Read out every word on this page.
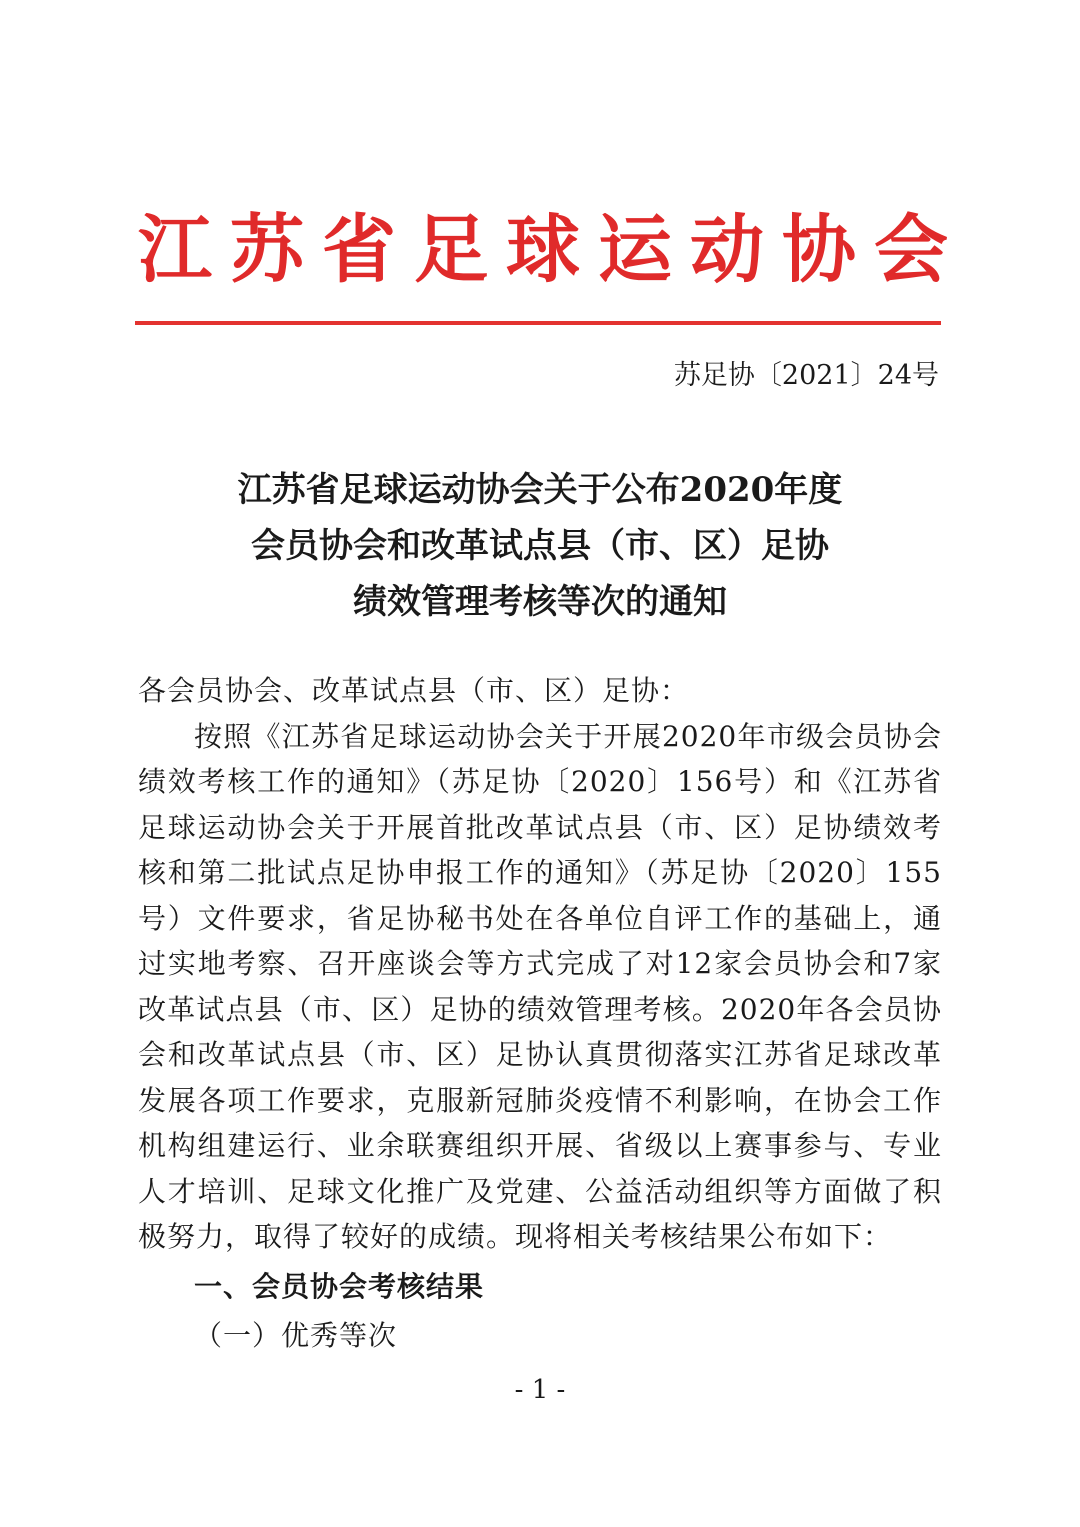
江苏省足球运动协会
苏足协〔2021〕24号
江苏省足球运动协会关于公布2020年度
会员协会和改革试点县（市、区）足协
绩效管理考核等次的通知
各会员协会、改革试点县（市、区）足协：

按照《江苏省足球运动协会关于开展2020年市级会员协会绩效考核工作的通知》（苏足协〔2020〕156号）和《江苏省足球运动协会关于开展首批改革试点县（市、区）足协绩效考核和第二批试点足协申报工作的通知》（苏足协〔2020〕155号）文件要求，省足协秘书处在各单位自评工作的基础上，通过实地考察、召开座谈会等方式完成了对12家会员协会和7家改革试点县（市、区）足协的绩效管理考核。2020年各会员协会和改革试点县（市、区）足协认真贯彻落实江苏省足球改革发展各项工作要求，克服新冠肺炎疫情不利影响，在协会工作机构组建运行、业余联赛组织开展、省级以上赛事参与、专业人才培训、足球文化推广及党建、公益活动组织等方面做了积极努力，取得了较好的成绩。现将相关考核结果公布如下：

一、会员协会考核结果
（一）优秀等次
- 1 -
